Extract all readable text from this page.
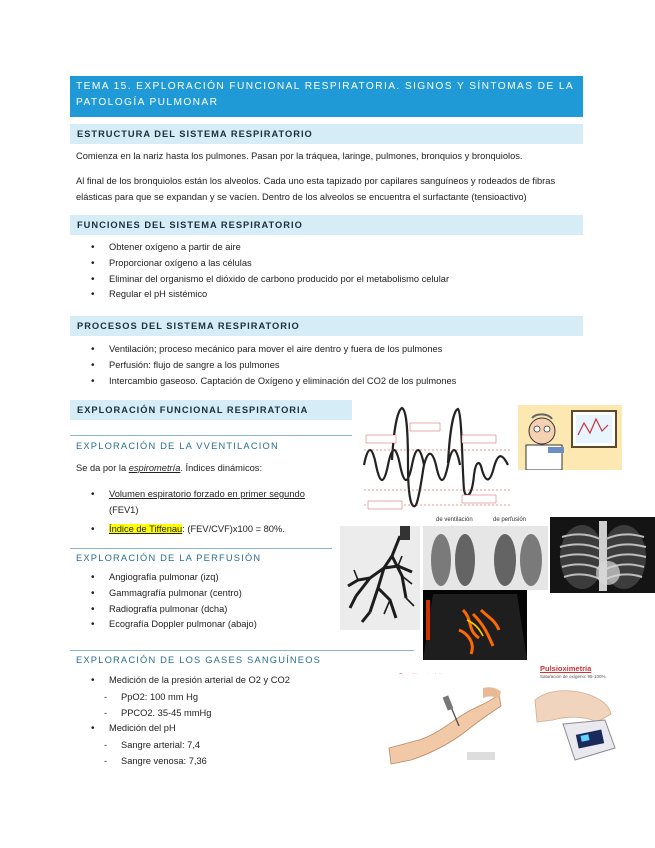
TEMA 15. EXPLORACIÓN FUNCIONAL RESPIRATORIA. SIGNOS Y SÍNTOMAS DE LA PATOLOGÍA PULMONAR
ESTRUCTURA DEL SISTEMA RESPIRATORIO
Comienza en la nariz hasta los pulmones. Pasan por la tráquea, laringe, pulmones, bronquios y bronquiolos.
Al final de los bronquiolos están los alveolos. Cada uno esta tapizado por capilares sanguíneos y rodeados de fibras elásticas para que se expandan y se vacíen. Dentro de los alveolos se encuentra el surfactante (tensioactivo)
FUNCIONES DEL SISTEMA RESPIRATORIO
• Obtener oxígeno a partir de aire
• Proporcionar oxígeno a las células
• Eliminar del organismo el dióxido de carbono producido por el metabolismo celular
• Regular el pH sistémico
PROCESOS DEL SISTEMA RESPIRATORIO
• Ventilación; proceso mecánico para mover el aire dentro y fuera de los pulmones
• Perfusión: flujo de sangre a los pulmones
• Intercambio gaseoso. Captación de Oxígeno y eliminación del CO2 de los pulmones
EXPLORACIÓN FUNCIONAL RESPIRATORIA
EXPLORACIÓN DE LA VVENTILACION
Se da por la espirometría. Índices dinámicos:
• Volumen espiratorio forzado en primer segundo
(FEV1)
• Índice de Tiffenau: (FEV/CVF)x100 = 80%.
EXPLORACIÓN DE LA PERFUSIÓN
• Angiografía pulmonar (izq)
• Gammagrafía pulmonar (centro)
• Radiografía pulmonar (dcha)
• Ecografía Doppler pulmonar (abajo)
EXPLORACIÓN DE LOS GASES SANGUÍNEOS
• Medición de la presión arterial de O2 y CO2
- PpO2: 100 mm Hg
- PPCO2. 35-45 mmHg
• Medición del pH
- Sangre arterial: 7,4
- Sangre venosa: 7,36
de ventilación	de perfusión
Pulsioximetría
Saturación de oxígeno: 95-100%
